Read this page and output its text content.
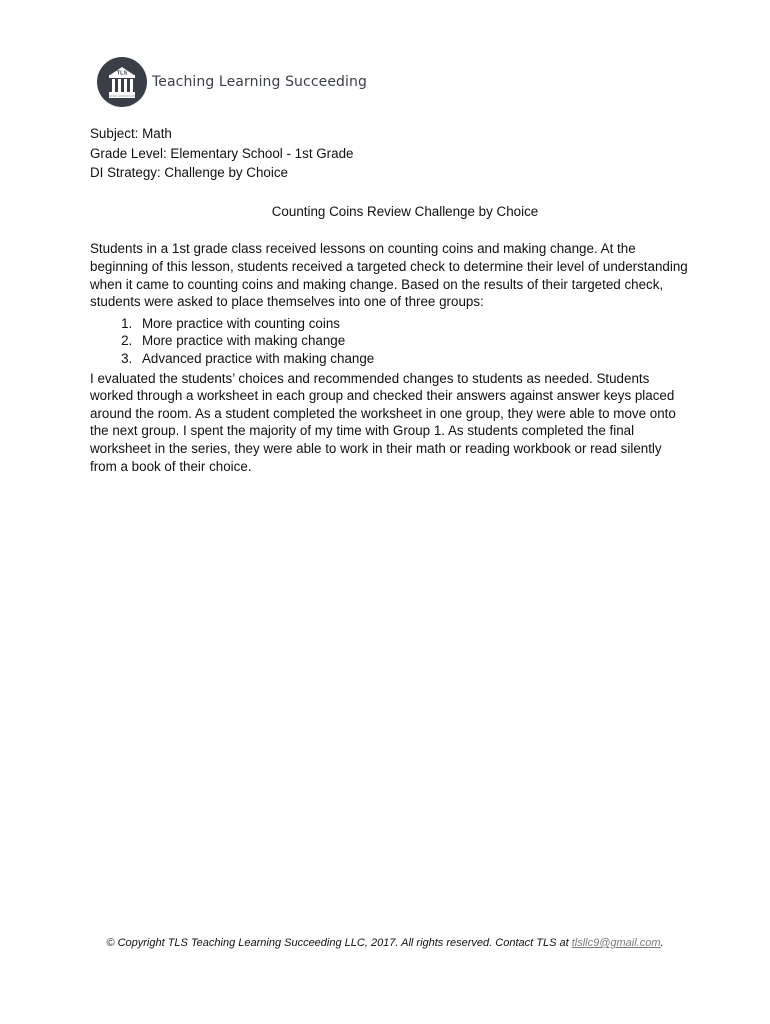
TLS
Teaching Learning Succeeding
Teaching Learning Succeeding
Subject: Math
Grade Level: Elementary School - 1st Grade
DI Strategy: Challenge by Choice
Counting Coins Review Challenge by Choice

Students in a 1st grade class received lessons on counting coins and making change. At the beginning of this lesson, students received a targeted check to determine their level of understanding when it came to counting coins and making change. Based on the results of their targeted check, students were asked to place themselves into one of three groups:

1. More practice with counting coins
2. More practice with making change
3. Advanced practice with making change

I evaluated the students’ choices and recommended changes to students as needed. Students worked through a worksheet in each group and checked their answers against answer keys placed around the room. As a student completed the worksheet in one group, they were able to move onto the next group. I spent the majority of my time with Group 1. As students completed the final worksheet in the series, they were able to work in their math or reading workbook or read silently from a book of their choice.

© Copyright TLS Teaching Learning Succeeding LLC, 2017. All rights reserved. Contact TLS at tlsllc9@gmail.com.
